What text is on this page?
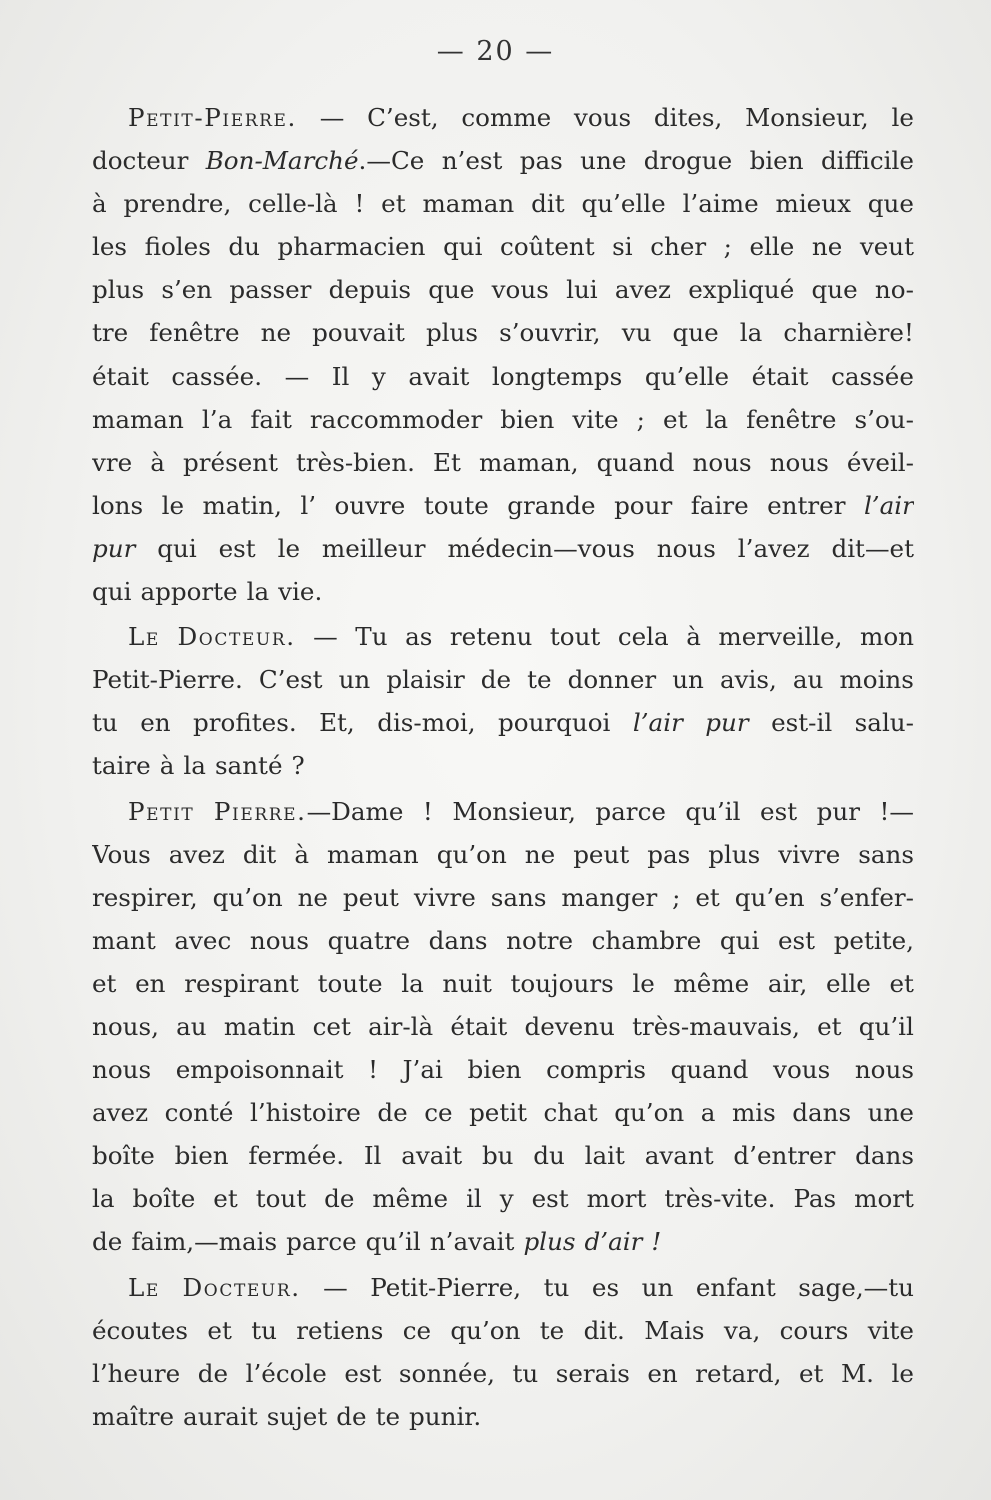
— 20 —
Petit-Pierre. — C’est, comme vous dites, Monsieur, le
docteur Bon-Marché.—Ce n’est pas une drogue bien difficile
à prendre, celle-là ! et maman dit qu’elle l’aime mieux que
les fioles du pharmacien qui coûtent si cher ; elle ne veut
plus s’en passer depuis que vous lui avez expliqué que no-
tre fenêtre ne pouvait plus s’ouvrir, vu que la charnière!
était cassée. — Il y avait longtemps qu’elle était cassée
maman l’a fait raccommoder bien vite ; et la fenêtre s’ou-
vre à présent très-bien. Et maman, quand nous nous éveil-
lons le matin, l’ ouvre toute grande pour faire entrer l’air
pur qui est le meilleur médecin—vous nous l’avez dit—et
qui apporte la vie.
Le Docteur. — Tu as retenu tout cela à merveille, mon
Petit-Pierre. C’est un plaisir de te donner un avis, au moins
tu en profites. Et, dis-moi, pourquoi l’air pur est-il salu-
taire à la santé ?
Petit Pierre.—Dame ! Monsieur, parce qu’il est pur !—
Vous avez dit à maman qu’on ne peut pas plus vivre sans
respirer, qu’on ne peut vivre sans manger ; et qu’en s’enfer-
mant avec nous quatre dans notre chambre qui est petite,
et en respirant toute la nuit toujours le même air, elle et
nous, au matin cet air-là était devenu très-mauvais, et qu’il
nous empoisonnait ! J’ai bien compris quand vous nous
avez conté l’histoire de ce petit chat qu’on a mis dans une
boîte bien fermée. Il avait bu du lait avant d’entrer dans
la boîte et tout de même il y est mort très-vite. Pas mort
de faim,—mais parce qu’il n’avait plus d’air !
Le Docteur. — Petit-Pierre, tu es un enfant sage,—tu
écoutes et tu retiens ce qu’on te dit. Mais va, cours vite
l’heure de l’école est sonnée, tu serais en retard, et M. le
maître aurait sujet de te punir.
